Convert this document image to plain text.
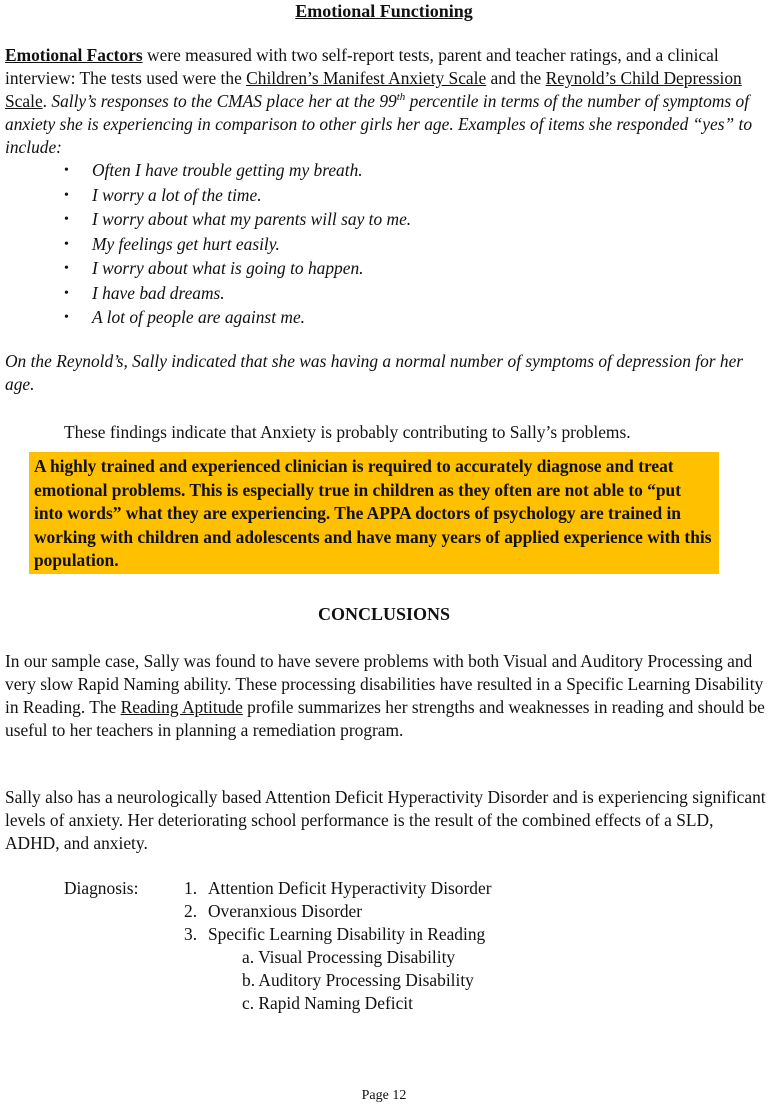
Emotional Functioning

Emotional Factors were measured with two self-report tests, parent and teacher ratings, and a clinical interview: The tests used were the Children’s Manifest Anxiety Scale and the Reynold’s Child Depression Scale. Sally’s responses to the CMAS place her at the 99th percentile in terms of the number of symptoms of anxiety she is experiencing in comparison to other girls her age. Examples of items she responded “yes” to include:

• Often I have trouble getting my breath.
• I worry a lot of the time.
• I worry about what my parents will say to me.
• My feelings get hurt easily.
• I worry about what is going to happen.
• I have bad dreams.
• A lot of people are against me.

On the Reynold’s, Sally indicated that she was having a normal number of symptoms of depression for her age.

These findings indicate that Anxiety is probably contributing to Sally’s problems.

A highly trained and experienced clinician is required to accurately diagnose and treat emotional problems. This is especially true in children as they often are not able to “put into words” what they are experiencing. The APPA doctors of psychology are trained in working with children and adolescents and have many years of applied experience with this population.
CONCLUSIONS

In our sample case, Sally was found to have severe problems with both Visual and Auditory Processing and very slow Rapid Naming ability. These processing disabilities have resulted in a Specific Learning Disability in Reading. The Reading Aptitude profile summarizes her strengths and weaknesses in reading and should be useful to her teachers in planning a remediation program.

Sally also has a neurologically based Attention Deficit Hyperactivity Disorder and is experiencing significant levels of anxiety. Her deteriorating school performance is the result of the combined effects of a SLD, ADHD, and anxiety.

Diagnosis:	1. Attention Deficit Hyperactivity Disorder
2. Overanxious Disorder
3. Specific Learning Disability in Reading
a. Visual Processing Disability
b. Auditory Processing Disability
c. Rapid Naming Deficit
Page 12
